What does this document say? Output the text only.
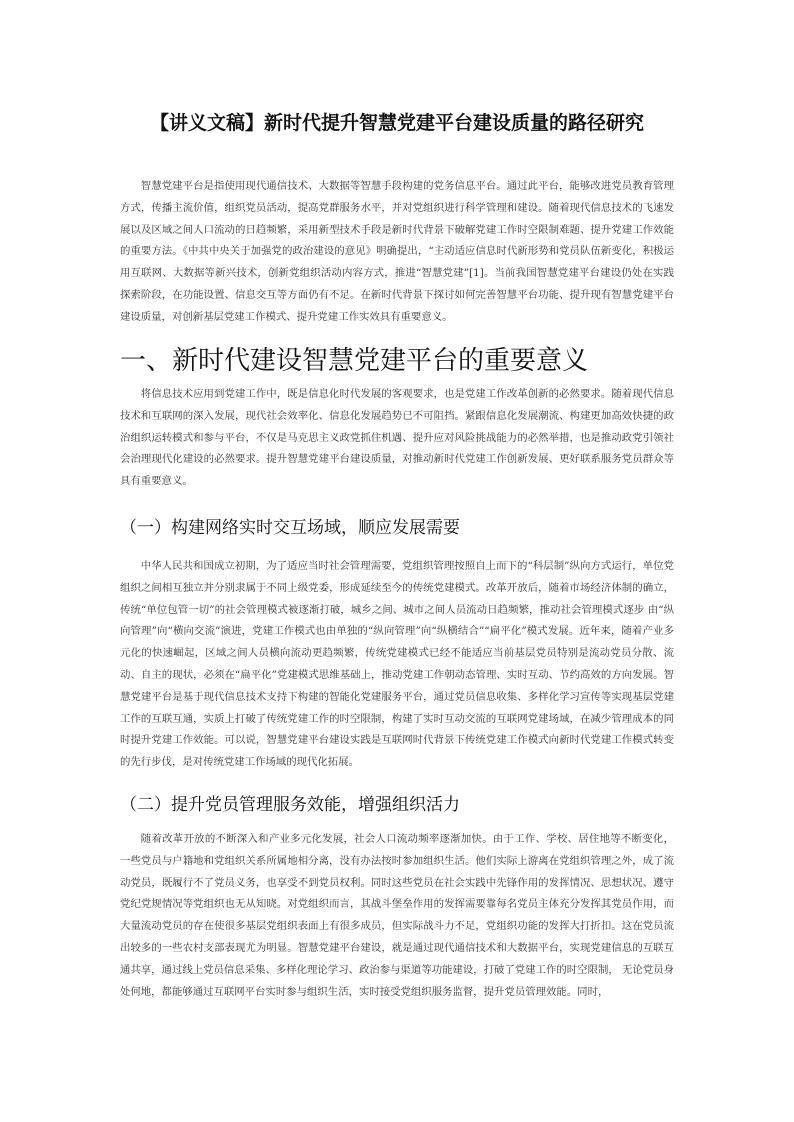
【讲义文稿】新时代提升智慧党建平台建设质量的路径研究

智慧党建平台是指使用现代通信技术、大数据等智慧手段构建的党务信息平台。通过此平台，能够改进党员教育管理方式，传播主流价值，组织党员活动，提高党群服务水平，并对党组织进行科学管理和建设。随着现代信息技术的飞速发展以及区域之间人口流动的日趋频繁，采用新型技术手段是新时代背景下破解党建工作时空限制难题、提升党建工作效能的重要方法。《中共中央关于加强党的政治建设的意见》明确提出，“主动适应信息时代新形势和党员队伍新变化，积极运用互联网、大数据等新兴技术，创新党组织活动内容方式，推进“智慧党建”[1]。当前我国智慧党建平台建设仍处在实践探索阶段，在功能设置、信息交互等方面仍有不足。在新时代背景下探讨如何完善智慧平台功能、提升现有智慧党建平台建设质量，对创新基层党建工作模式、提升党建工作实效具有重要意义。

一、新时代建设智慧党建平台的重要意义

将信息技术应用到党建工作中，既是信息化时代发展的客观要求，也是党建工作改革创新的必然要求。随着现代信息技术和互联网的深入发展，现代社会效率化、信息化发展趋势已不可阻挡。紧跟信息化发展潮流、构建更加高效快捷的政治组织运转模式和参与平台，不仅是马克思主义政党抓住机遇、提升应对风险挑战能力的必然举措，也是推动政党引领社会治理现代化建设的必然要求。提升智慧党建平台建设质量，对推动新时代党建工作创新发展、更好联系服务党员群众等具有重要意义。

（一）构建网络实时交互场域，顺应发展需要

中华人民共和国成立初期，为了适应当时社会管理需要，党组织管理按照自上而下的“科层制”纵向方式运行，单位党组织之间相互独立并分别隶属于不同上级党委，形成延续至今的传统党建模式。改革开放后，随着市场经济体制的确立，传统“单位包管一切”的社会管理模式被逐渐打破，城乡之间、城市之间人员流动日趋频繁，推动社会管理模式逐步 由“纵向管理”向“横向交流”演进，党建工作模式也由单独的“纵向管理”向“纵横结合”“扁平化”模式发展。近年来，随着产业多元化的快速崛起，区域之间人员横向流动更趋频繁，传统党建模式已经不能适应当前基层党员特别是流动党员分散、流动、自主的现状，必须在“扁平化”党建模式思维基础上，推动党建工作朝动态管理、实时互动、节约高效的方向发展。智慧党建平台是基于现代信息技术支持下构建的智能化党建服务平台，通过党员信息收集、多样化学习宣传等实现基层党建工作的互联互通，实质上打破了传统党建工作的时空限制，构建了实时互动交流的互联网党建场域，在减少管理成本的同时提升党建工作效能。可以说，智慧党建平台建设实践是互联网时代背景下传统党建工作模式向新时代党建工作模式转变的先行步伐，是对传统党建工作场域的现代化拓展。

（二）提升党员管理服务效能，增强组织活力

随着改革开放的不断深入和产业多元化发展，社会人口流动频率逐渐加快。由于工作、学校、居住地等不断变化， 一些党员与户籍地和党组织关系所属地相分离，没有办法按时参加组织生活。他们实际上游离在党组织管理之外，成了流动党员，既履行不了党员义务，也享受不到党员权利。同时这些党员在社会实践中先锋作用的发挥情况、思想状况、遵守党纪党规情况等党组织也无从知晓。对党组织而言，其战斗堡垒作用的发挥需要靠每名党员主体充分发挥其党员作用，而大量流动党员的存在使很多基层党组织表面上有很多成员，但实际战斗力不足，党组织功能的发挥大打折扣。这在党员流出较多的一些农村支部表现尤为明显。智慧党建平台建设，就是通过现代通信技术和大数据平台，实现党建信息的互联互通共享，通过线上党员信息采集、多样化理论学习、政治参与渠道等功能建设，打破了党建工作的时空限制， 无论党员身处何地，都能够通过互联网平台实时参与组织生活，实时接受党组织服务监督，提升党员管理效能。同时，
